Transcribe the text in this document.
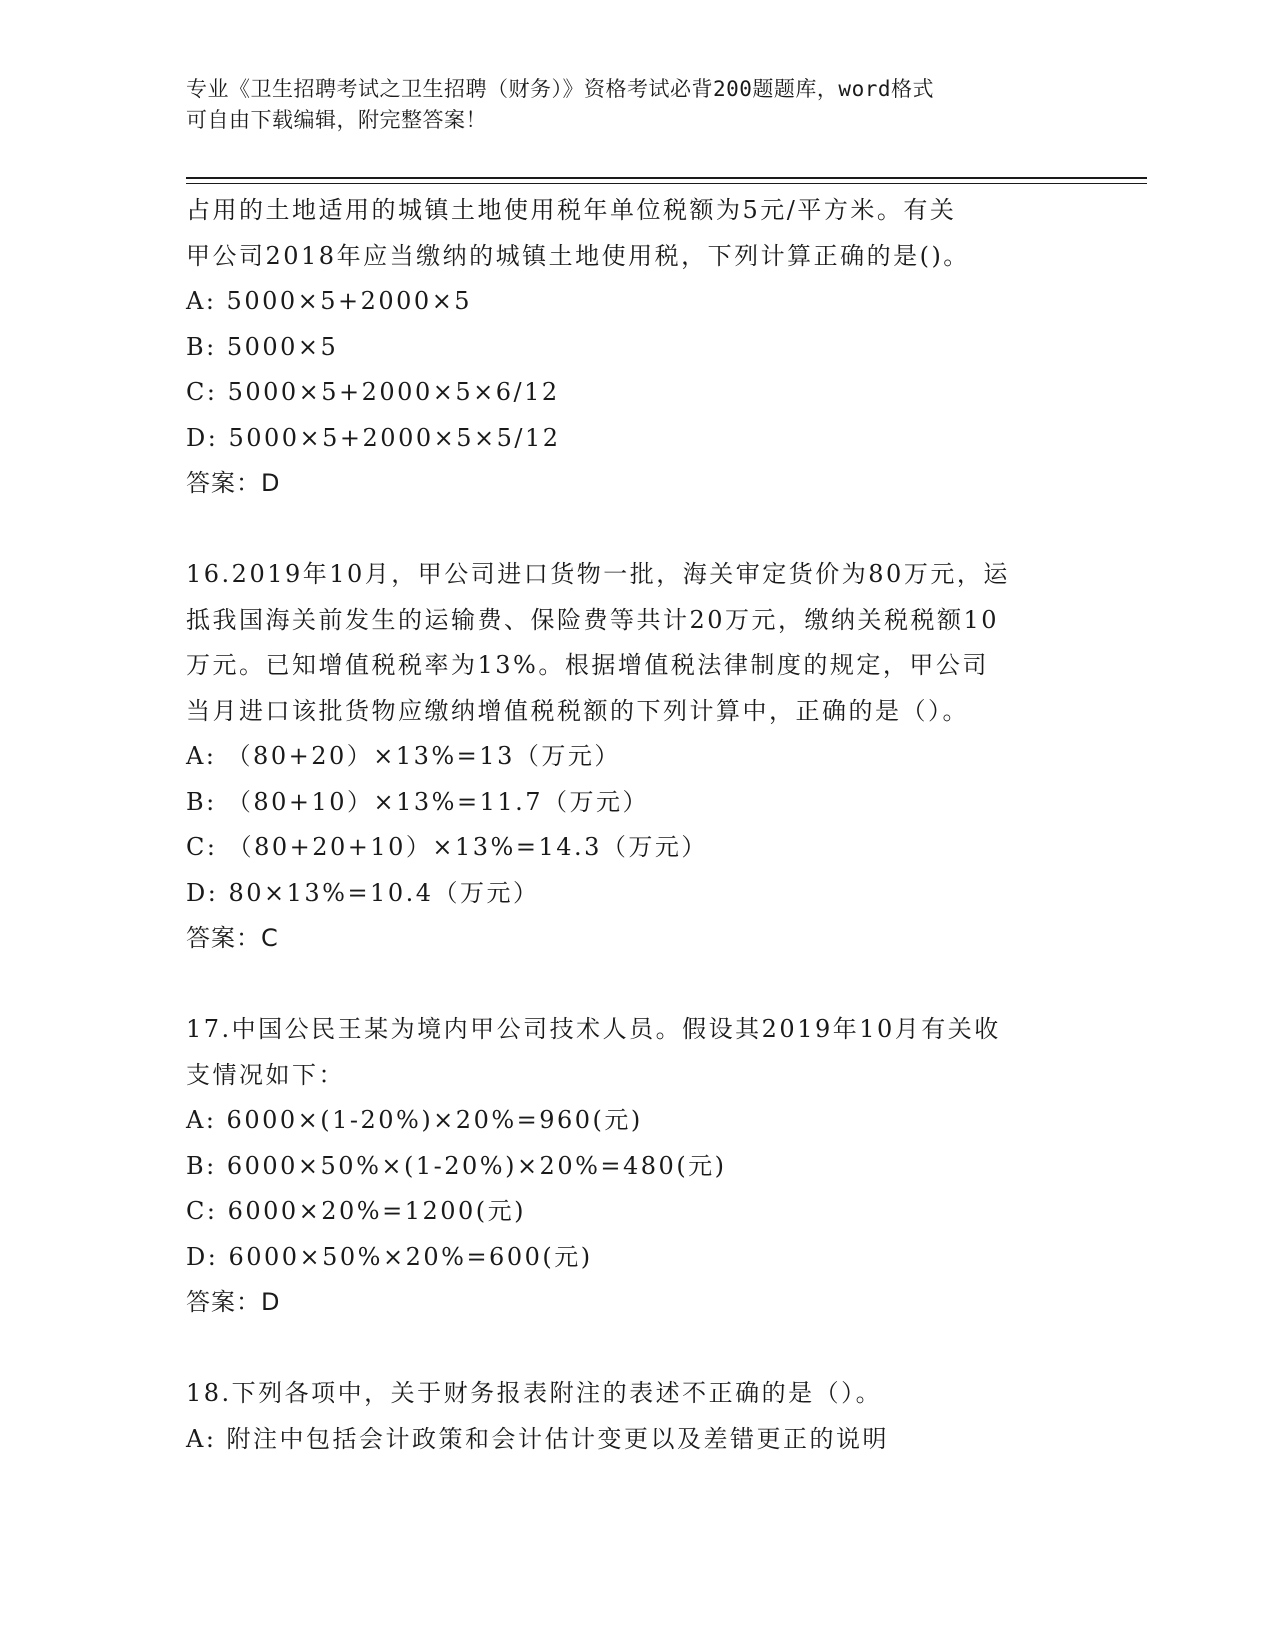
专业《卫生招聘考试之卫生招聘（财务）》资格考试必背200题题库，word格式
可自由下载编辑，附完整答案！
占用的土地适用的城镇土地使用税年单位税额为5元/平方米。有关
甲公司2018年应当缴纳的城镇土地使用税，下列计算正确的是()。
A: 5000×5+2000×5
B: 5000×5
C: 5000×5+2000×5×6/12
D: 5000×5+2000×5×5/12
答案：D
16.2019年10月，甲公司进口货物一批，海关审定货价为80万元，运
抵我国海关前发生的运输费、保险费等共计20万元，缴纳关税税额10
万元。已知增值税税率为13%。根据增值税法律制度的规定，甲公司
当月进口该批货物应缴纳增值税税额的下列计算中，正确的是（）。
A: （80+20）×13%=13（万元）
B: （80+10）×13%=11.7（万元）
C: （80+20+10）×13%=14.3（万元）
D: 80×13%=10.4（万元）
答案：C
17.中国公民王某为境内甲公司技术人员。假设其2019年10月有关收
支情况如下：
A: 6000×(1-20%)×20%=960(元)
B: 6000×50%×(1-20%)×20%=480(元)
C: 6000×20%=1200(元)
D: 6000×50%×20%=600(元)
答案：D
18.下列各项中，关于财务报表附注的表述不正确的是（）。
A: 附注中包括会计政策和会计估计变更以及差错更正的说明
